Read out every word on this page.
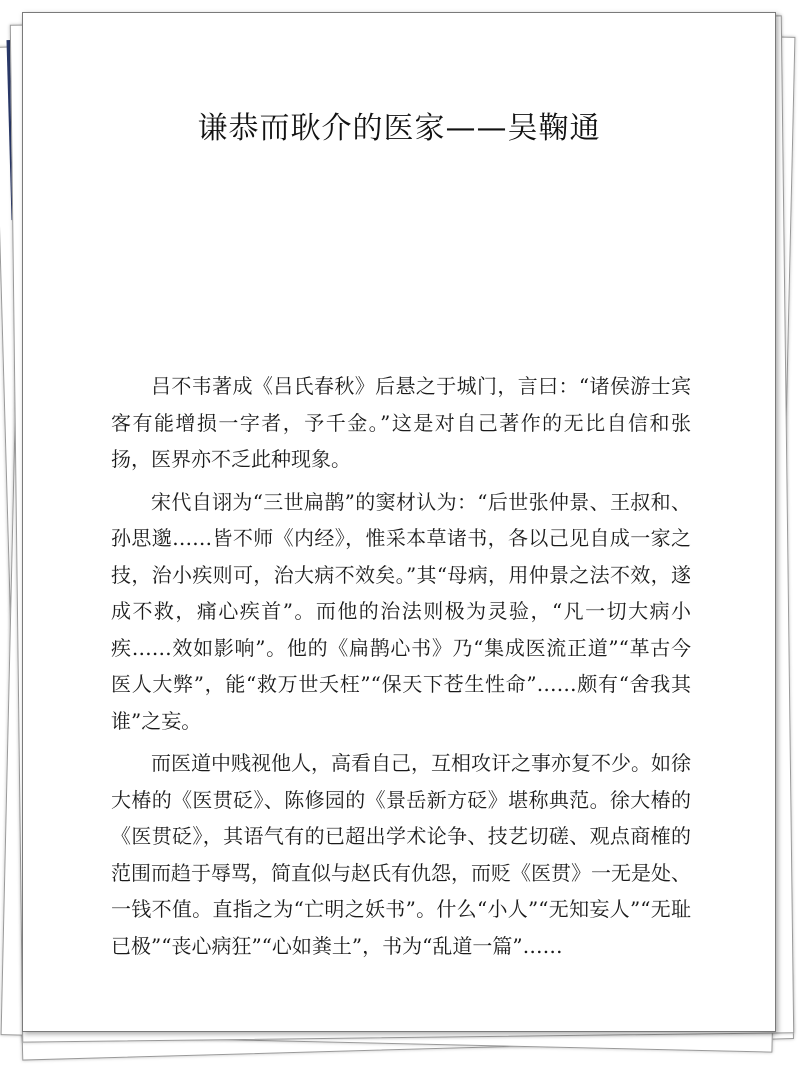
谦恭而耿介的医家——吴鞠通

吕不韦著成《吕氏春秋》后悬之于城门，言曰：“诸侯游士宾客有能增损一字者，予千金。”这是对自己著作的无比自信和张扬，医界亦不乏此种现象。

宋代自诩为“三世扁鹊”的窦材认为：“后世张仲景、王叔和、孙思邈……皆不师《内经》，惟采本草诸书，各以己见自成一家之技，治小疾则可，治大病不效矣。”其“母病，用仲景之法不效，遂成不救，痛心疾首”。而他的治法则极为灵验，“凡一切大病小疾……效如影响”。他的《扁鹊心书》乃“集成医流正道”“革古今医人大弊”，能“救万世夭枉”“保天下苍生性命”……颇有“舍我其谁”之妄。

而医道中贱视他人，高看自己，互相攻讦之事亦复不少。如徐大椿的《医贯砭》、陈修园的《景岳新方砭》堪称典范。徐大椿的《医贯砭》，其语气有的已超出学术论争、技艺切磋、观点商榷的范围而趋于辱骂，简直似与赵氏有仇怨，而贬《医贯》一无是处、一钱不值。直指之为“亡明之妖书”。什么“小人”“无知妄人”“无耻已极”“丧心病狂”“心如粪土”，书为“乱道一篇”……
